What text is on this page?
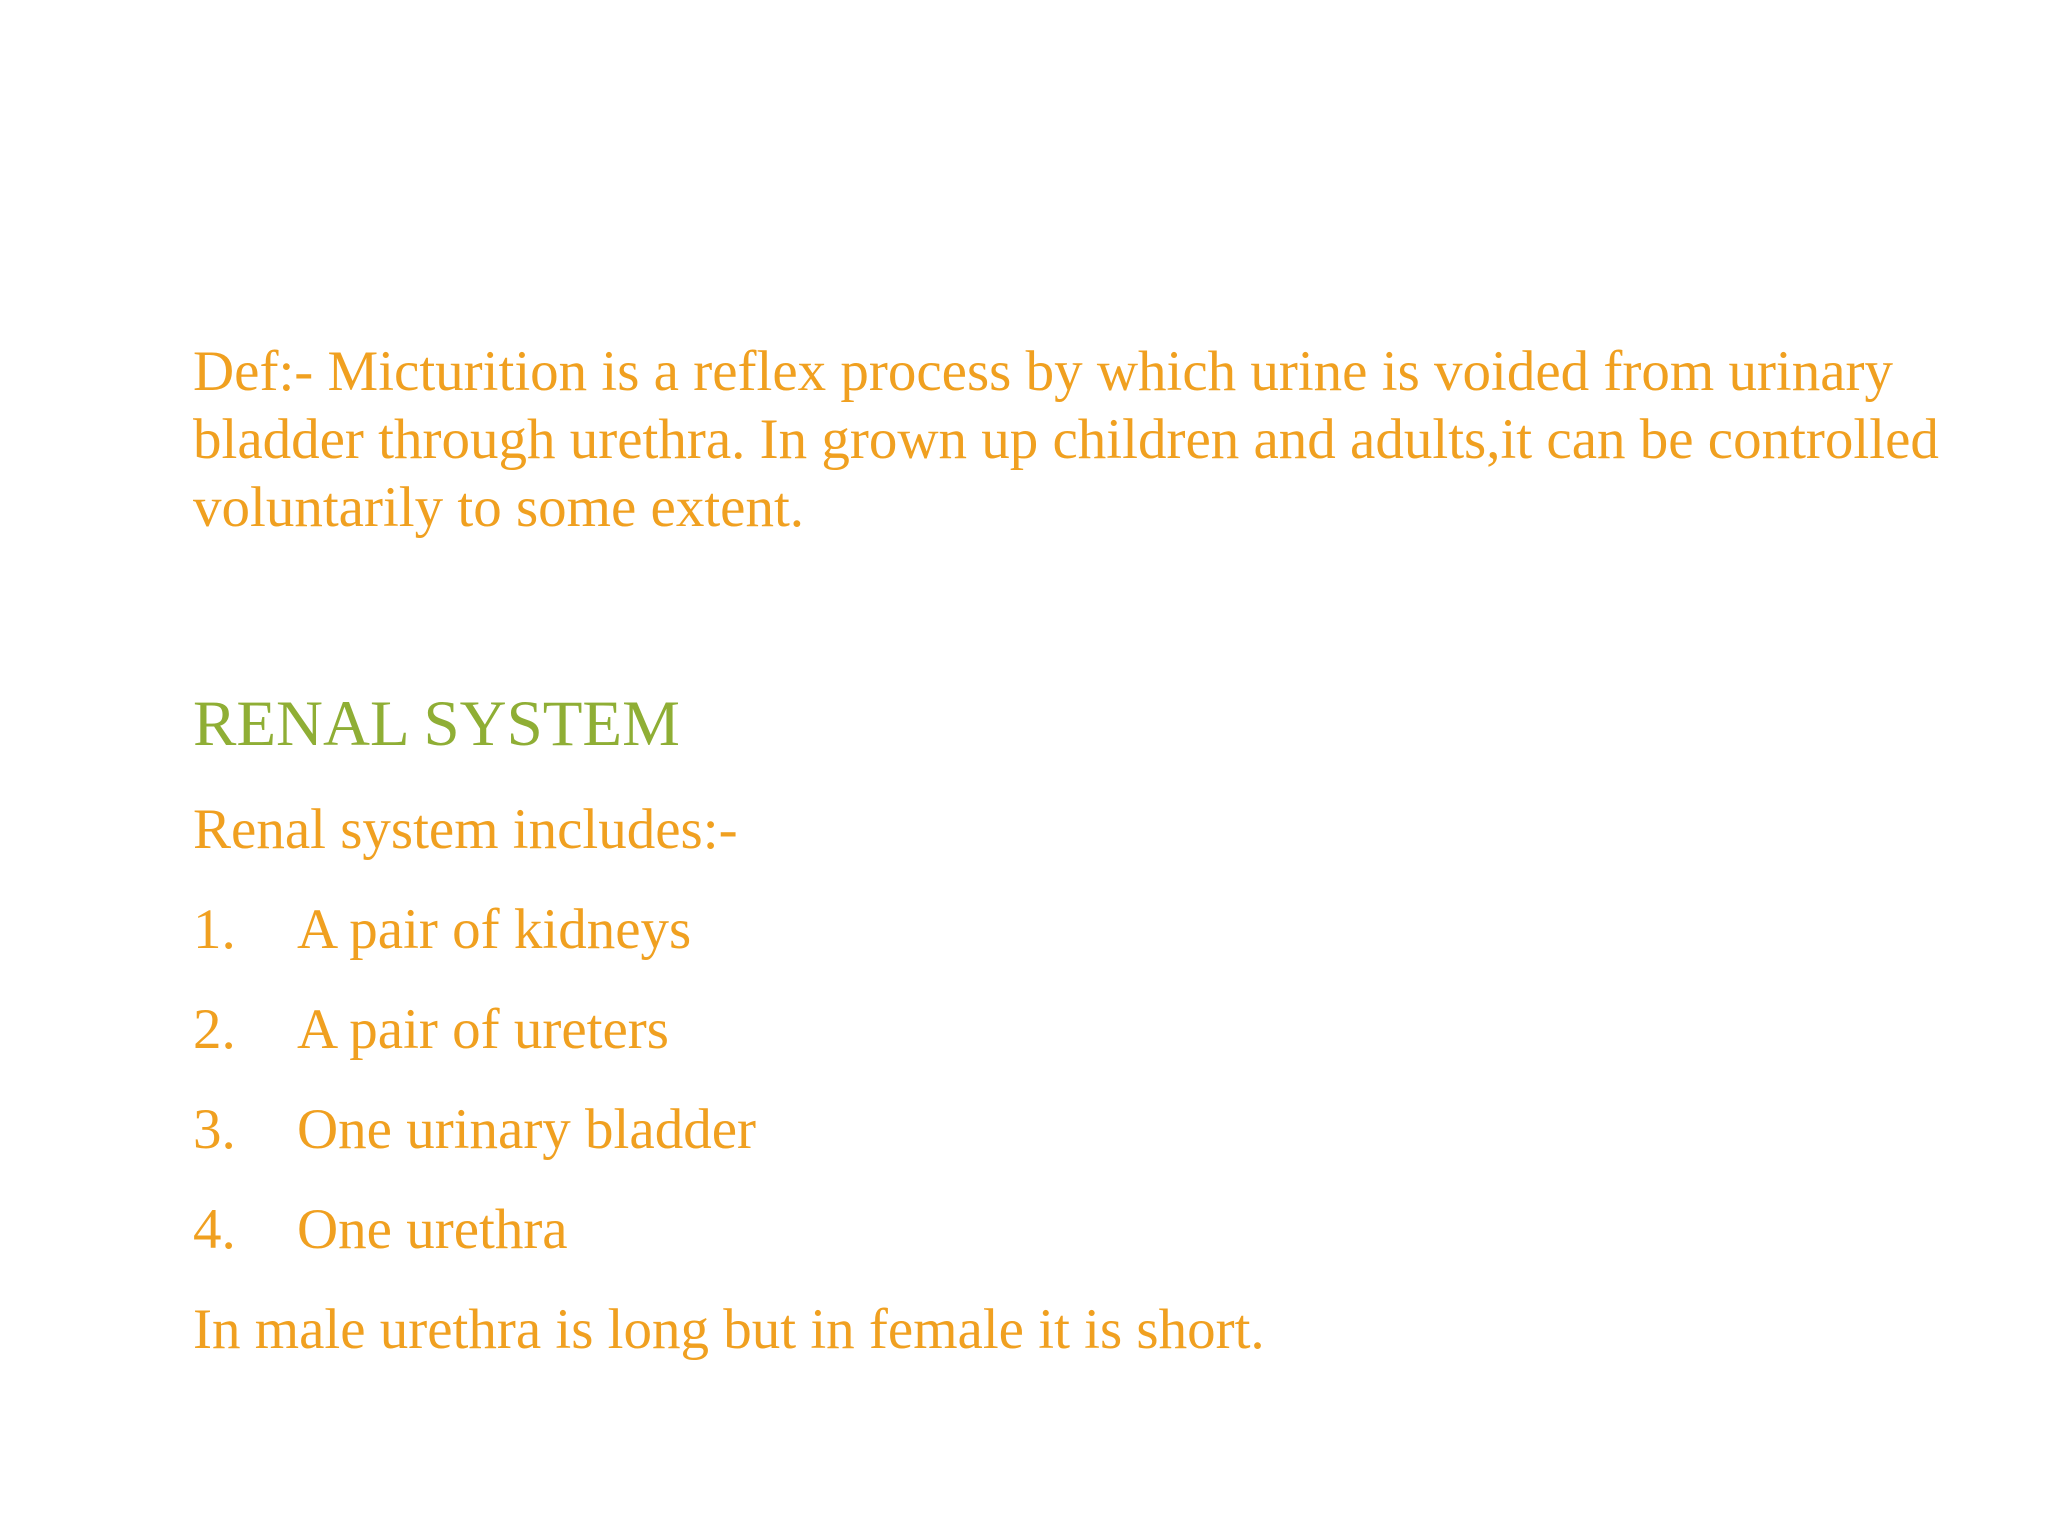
Def:- Micturition is a reflex process by which urine is voided from urinary bladder through urethra. In grown up children and adults,it can be controlled voluntarily to some extent.

RENAL SYSTEM

Renal system includes:-

1. A pair of kidneys
2. A pair of ureters
3. One urinary bladder
4. One urethra

In male urethra is long but in female it is short.
